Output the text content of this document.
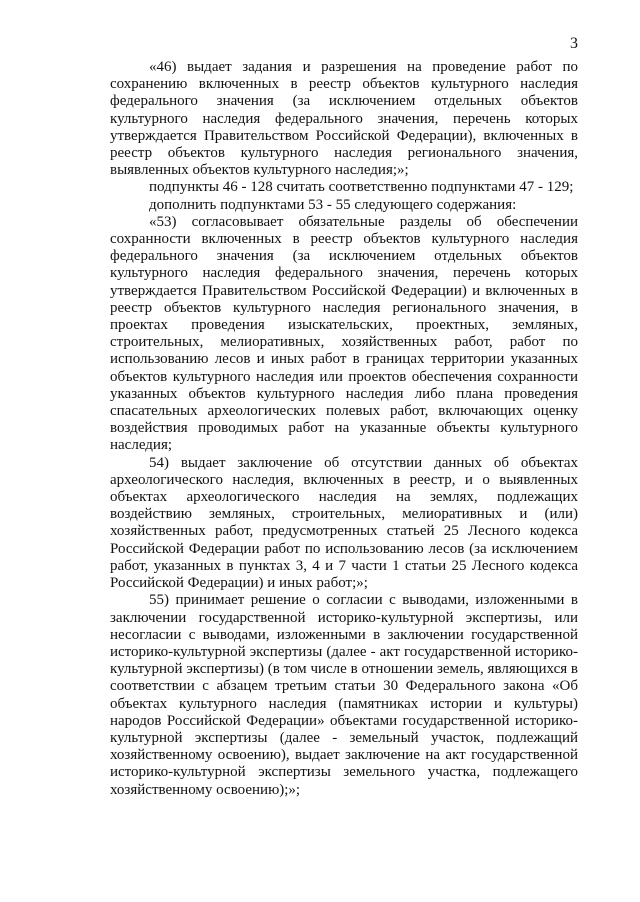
3

«46) выдает задания и разрешения на проведение работ по сохранению включенных в реестр объектов культурного наследия федерального значения (за исключением отдельных объектов культурного наследия федерального значения, перечень которых утверждается Правительством Российской Федерации), включенных в реестр объектов культурного наследия регионального значения, выявленных объектов культурного наследия;»;

подпункты 46 - 128 считать соответственно подпунктами 47 - 129;

дополнить подпунктами 53 - 55 следующего содержания:

«53) согласовывает обязательные разделы об обеспечении сохранности включенных в реестр объектов культурного наследия федерального значения (за исключением отдельных объектов культурного наследия федерального значения, перечень которых утверждается Правительством Российской Федерации) и включенных в реестр объектов культурного наследия регионального значения, в проектах проведения изыскательских, проектных, земляных, строительных, мелиоративных, хозяйственных работ, работ по использованию лесов и иных работ в границах территории указанных объектов культурного наследия или проектов обеспечения сохранности указанных объектов культурного наследия либо плана проведения спасательных археологических полевых работ, включающих оценку воздействия проводимых работ на указанные объекты культурного наследия;

54) выдает заключение об отсутствии данных об объектах археологического наследия, включенных в реестр, и о выявленных объектах археологического наследия на землях, подлежащих воздействию земляных, строительных, мелиоративных и (или) хозяйственных работ, предусмотренных статьей 25 Лесного кодекса Российской Федерации работ по использованию лесов (за исключением работ, указанных в пунктах 3, 4 и 7 части 1 статьи 25 Лесного кодекса Российской Федерации) и иных работ;»;

55) принимает решение о согласии с выводами, изложенными в заключении государственной историко-культурной экспертизы, или несогласии с выводами, изложенными в заключении государственной историко-культурной экспертизы (далее - акт государственной историко-культурной экспертизы) (в том числе в отношении земель, являющихся в соответствии с абзацем третьим статьи 30 Федерального закона «Об объектах культурного наследия (памятниках истории и культуры) народов Российской Федерации» объектами государственной историко-культурной экспертизы (далее - земельный участок, подлежащий хозяйственному освоению), выдает заключение на акт государственной историко-культурной экспертизы земельного участка, подлежащего хозяйственному освоению);»;
